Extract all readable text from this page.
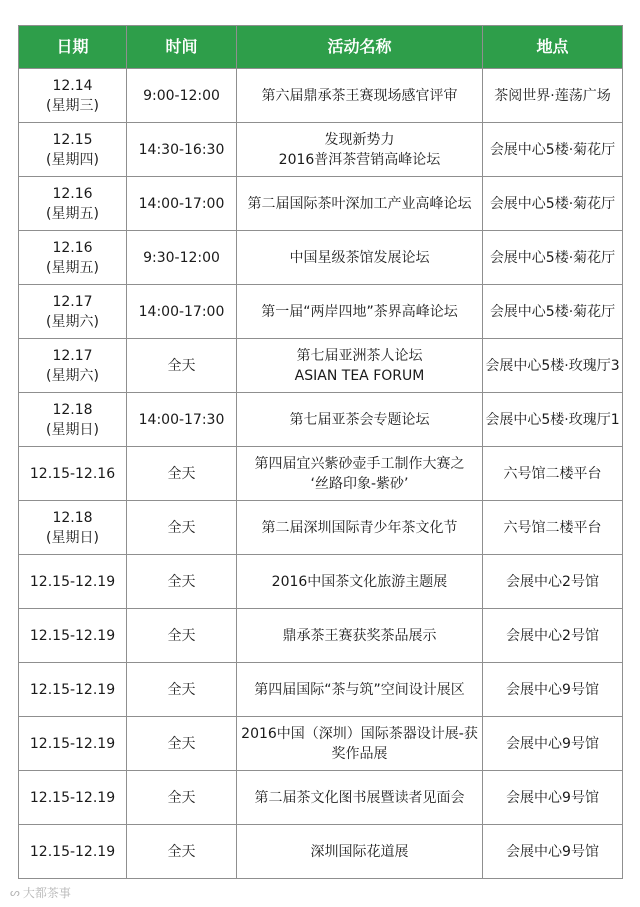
日期	时间	活动名称	地点

12.14
(星期三)	9:00-12:00	第六届鼎承茶王赛现场感官评审	茶阅世界·莲荡广场

12.15
(星期四)	14:30-16:30	发现新势力
2016普洱茶营销高峰论坛	会展中心5楼·菊花厅

12.16
(星期五)	14:00-17:00	第二届国际茶叶深加工产业高峰论坛	会展中心5楼·菊花厅

12.16
(星期五)	9:30-12:00	中国星级茶馆发展论坛	会展中心5楼·菊花厅

12.17
(星期六)	14:00-17:00	第一届“两岸四地”茶界高峰论坛	会展中心5楼·菊花厅

12.17
(星期六)	全天	第七届亚洲茶人论坛
ASIAN TEA FORUM	会展中心5楼·玫瑰厅3

12.18
(星期日)	14:00-17:30	第七届亚茶会专题论坛	会展中心5楼·玫瑰厅1

12.15-12.16	全天	第四届宜兴紫砂壶手工制作大赛之
‘丝路印象-紫砂’	六号馆二楼平台

12.18
(星期日)	全天	第二届深圳国际青少年茶文化节	六号馆二楼平台

12.15-12.19	全天	2016中国茶文化旅游主题展	会展中心2号馆

12.15-12.19	全天	鼎承茶王赛获奖茶品展示	会展中心2号馆

12.15-12.19	全天	第四届国际“茶与筑”空间设计展区	会展中心9号馆

12.15-12.19	全天	2016中国（深圳）国际茶器设计展-获
奖作品展	会展中心9号馆

12.15-12.19	全天	第二届茶文化图书展暨读者见面会	会展中心9号馆

12.15-12.19	全天	深圳国际花道展	会展中心9号馆
ᔕ 大都茶事
